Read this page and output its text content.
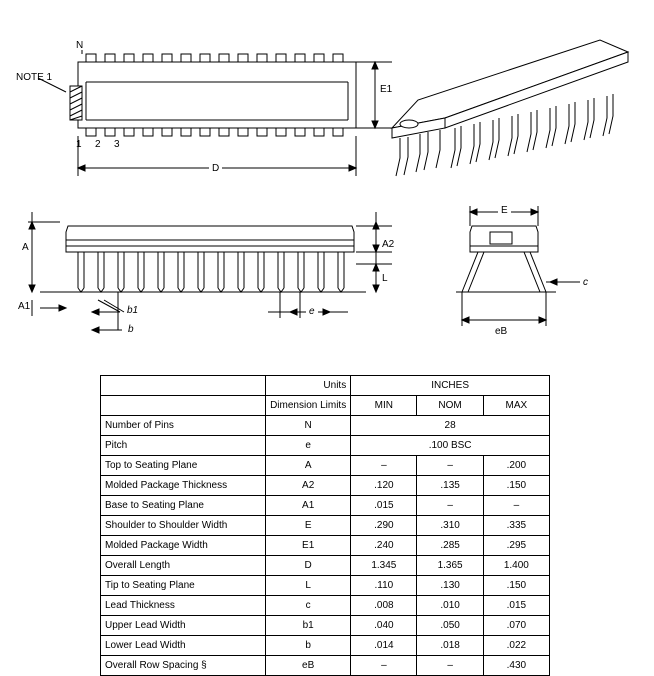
NOTE 1
N
1 2 3
E1
D
A
A1
A2
L
b1
b
e
E
c
eB
	Units	INCHES		
	Dimension Limits	MIN	NOM	MAX
Number of Pins	N	28		
Pitch	e	.100 BSC		
Top to Seating Plane	A	–	–	.200
Molded Package Thickness	A2	.120	.135	.150
Base to Seating Plane	A1	.015	–	–
Shoulder to Shoulder Width	E	.290	.310	.335
Molded Package Width	E1	.240	.285	.295
Overall Length	D	1.345	1.365	1.400
Tip to Seating Plane	L	.110	.130	.150
Lead Thickness	c	.008	.010	.015
Upper Lead Width	b1	.040	.050	.070
Lower Lead Width	b	.014	.018	.022
Overall Row Spacing §	eB	–	–	.430
